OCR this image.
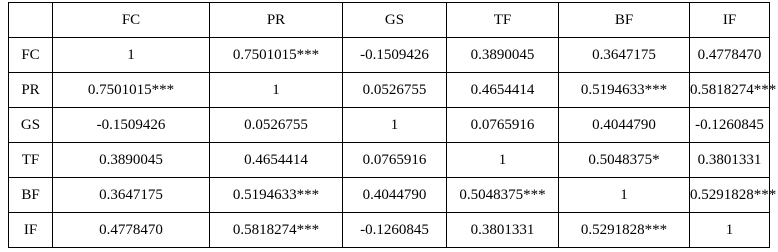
	FC	PR	GS	TF	BF	IF
FC	1	0.7501015***	-0.1509426	0.3890045	0.3647175	0.4778470
PR	0.7501015***	1	0.0526755	0.4654414	0.5194633***	0.5818274***
GS	-0.1509426	0.0526755	1	0.0765916	0.4044790	-0.1260845
TF	0.3890045	0.4654414	0.0765916	1	0.5048375*	0.3801331
BF	0.3647175	0.5194633***	0.4044790	0.5048375***	1	0.5291828***
IF	0.4778470	0.5818274***	-0.1260845	0.3801331	0.5291828***	1
